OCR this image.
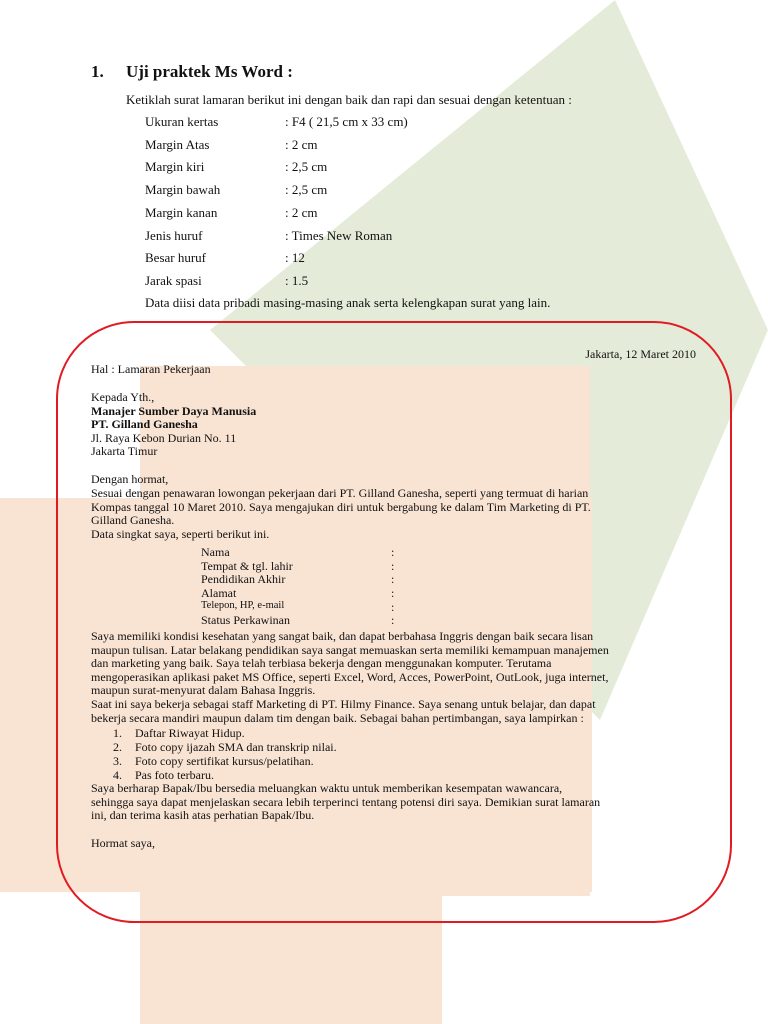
1. Uji praktek Ms Word :
Ketiklah surat lamaran berikut ini dengan baik dan rapi dan sesuai dengan ketentuan :
Ukuran kertas	: F4 ( 21,5 cm x 33 cm)
Margin Atas	: 2 cm
Margin kiri	: 2,5 cm
Margin bawah	: 2,5 cm
Margin kanan	: 2 cm
Jenis huruf	: Times New Roman
Besar huruf	: 12
Jarak spasi	: 1.5
Data diisi data pribadi masing-masing anak serta kelengkapan surat yang lain.
Jakarta, 12 Maret 2010
Hal : Lamaran Pekerjaan
Kepada Yth.,
Manajer Sumber Daya Manusia
PT. Gilland Ganesha
Jl. Raya Kebon Durian No. 11
Jakarta Timur
Dengan hormat,
Sesuai dengan penawaran lowongan pekerjaan dari PT. Gilland Ganesha, seperti yang termuat di harian
Kompas tanggal 10 Maret 2010. Saya mengajukan diri untuk bergabung ke dalam Tim Marketing di PT.
Gilland Ganesha.
Data singkat saya, seperti berikut ini.
Nama	:
Tempat & tgl. lahir	:
Pendidikan Akhir	:
Alamat	:
Telepon, HP, e-mail	:
Status Perkawinan	:
Saya memiliki kondisi kesehatan yang sangat baik, dan dapat berbahasa Inggris dengan baik secara lisan
maupun tulisan. Latar belakang pendidikan saya sangat memuaskan serta memiliki kemampuan manajemen
dan marketing yang baik. Saya telah terbiasa bekerja dengan menggunakan komputer. Terutama
mengoperasikan aplikasi paket MS Office, seperti Excel, Word, Acces, PowerPoint, OutLook, juga internet,
maupun surat-menyurat dalam Bahasa Inggris.
Saat ini saya bekerja sebagai staff Marketing di PT. Hilmy Finance. Saya senang untuk belajar, dan dapat
bekerja secara mandiri maupun dalam tim dengan baik. Sebagai bahan pertimbangan, saya lampirkan :
1. Daftar Riwayat Hidup.
2. Foto copy ijazah SMA dan transkrip nilai.
3. Foto copy sertifikat kursus/pelatihan.
4. Pas foto terbaru.
Saya berharap Bapak/Ibu bersedia meluangkan waktu untuk memberikan kesempatan wawancara,
sehingga saya dapat menjelaskan secara lebih terperinci tentang potensi diri saya. Demikian surat lamaran
ini, dan terima kasih atas perhatian Bapak/Ibu.
Hormat saya,
